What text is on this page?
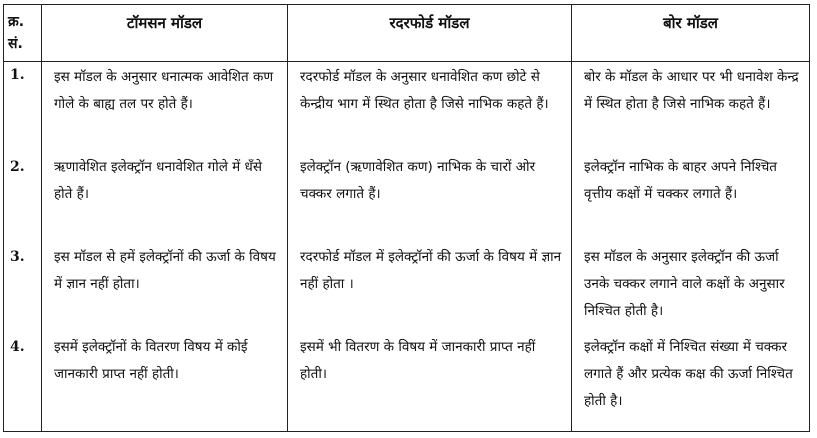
क्र. सं.	टॉमसन मॉडल	रदरफोर्ड मॉडल	बोर मॉडल
1.	इस मॉडल के अनुसार धनात्मक आवेशित कण गोले के बाह्य तल पर होते हैं।	रदरफोर्ड मॉडल के अनुसार धनावेशित कण छोटे से केन्द्रीय भाग में स्थित होता है जिसे नाभिक कहते हैं।	बोर के मॉडल के आधार पर भी धनावेश केन्द्र में स्थित होता है जिसे नाभिक कहते हैं।
2.	ऋणावेशित इलेक्ट्रॉन धनावेशित गोले में धँसे होते हैं।	इलेक्ट्रॉन (ऋणावेशित कण) नाभिक के चारों ओर चक्कर लगाते हैं।	इलेक्ट्रॉन नाभिक के बाहर अपने निश्चित वृत्तीय कक्षों में चक्कर लगाते हैं।
3.	इस मॉडल से हमें इलेक्ट्रॉनों की ऊर्जा के विषय में ज्ञान नहीं होता।	रदरफोर्ड मॉडल में इलेक्ट्रॉनों की ऊर्जा के विषय में ज्ञान नहीं होता ।	इस मॉडल के अनुसार इलेक्ट्रॉन की ऊर्जा उनके चक्कर लगाने वाले कक्षों के अनुसार निश्चित होती है।
4.	इसमें इलेक्ट्रॉनों के वितरण विषय में कोई जानकारी प्राप्त नहीं होती।	इसमें भी वितरण के विषय में जानकारी प्राप्त नहीं होती।	इलेक्ट्रॉन कक्षों में निश्चित संख्या में चक्कर लगाते हैं और प्रत्येक कक्ष की ऊर्जा निश्चित होती है।
